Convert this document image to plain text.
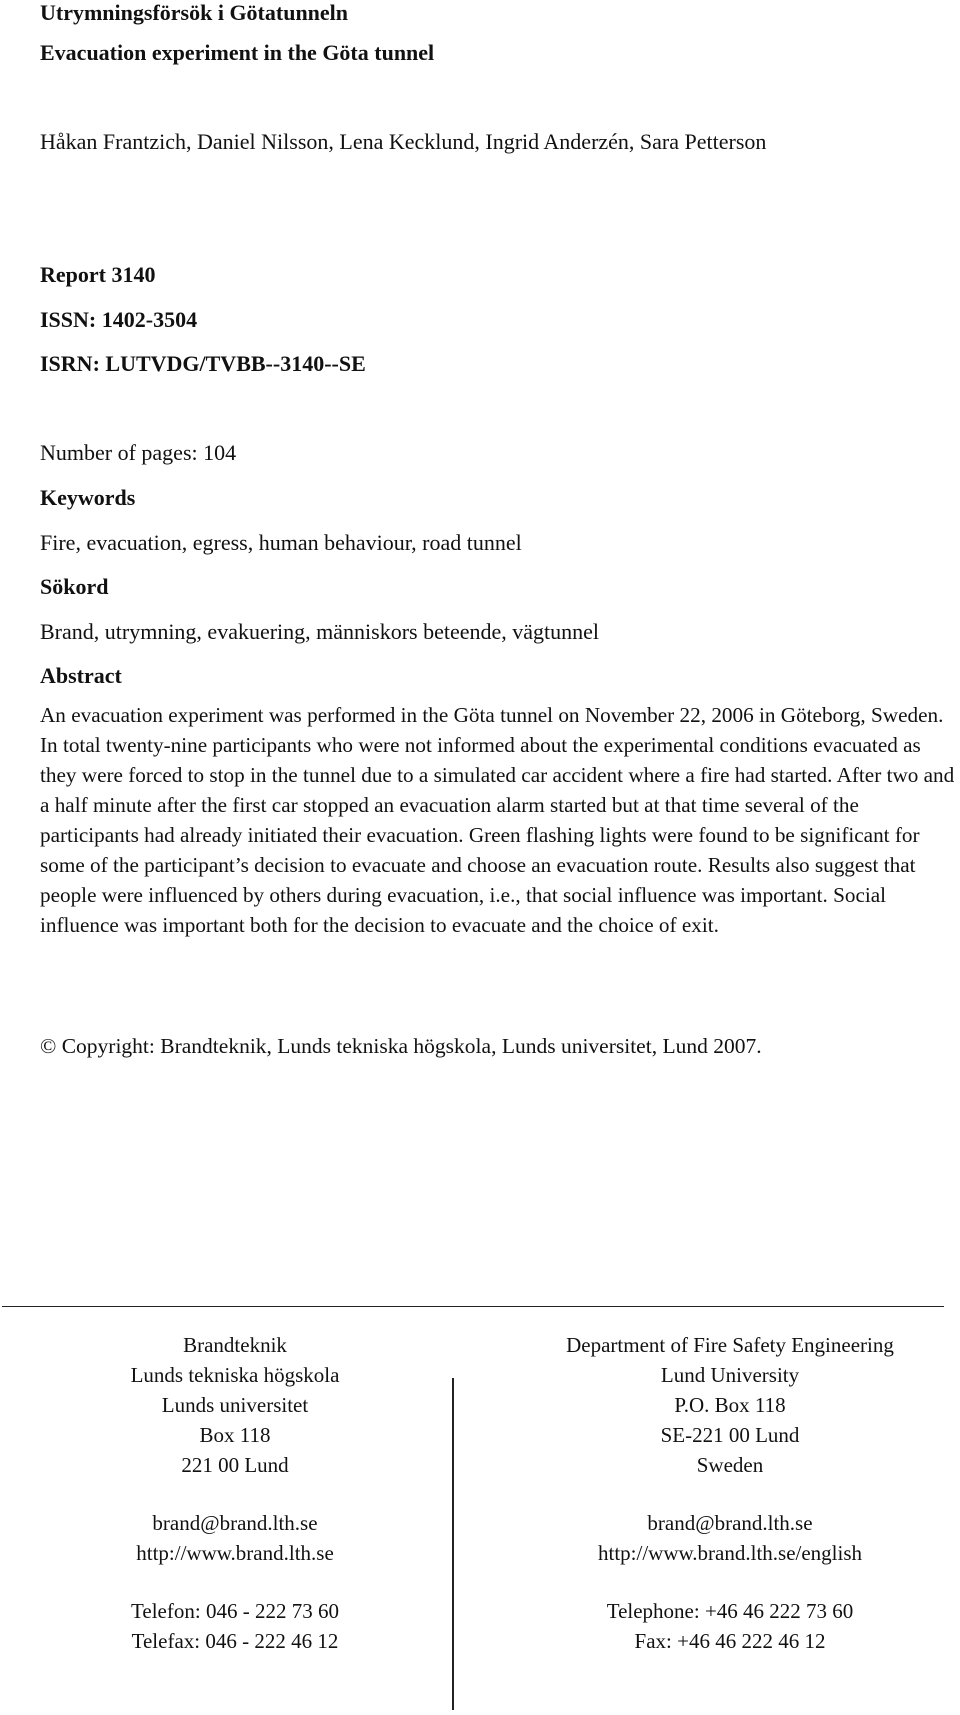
Utrymningsförsök i Götatunneln
Evacuation experiment in the Göta tunnel
Håkan Frantzich, Daniel Nilsson, Lena Kecklund, Ingrid Anderzén, Sara Petterson
Report 3140
ISSN: 1402-3504
ISRN: LUTVDG/TVBB--3140--SE
Number of pages: 104
Keywords
Fire, evacuation, egress, human behaviour, road tunnel
Sökord
Brand, utrymning, evakuering, människors beteende, vägtunnel
Abstract

An evacuation experiment was performed in the Göta tunnel on November 22, 2006 in Göteborg, Sweden. In total twenty-nine participants who were not informed about the experimental conditions evacuated as they were forced to stop in the tunnel due to a simulated car accident where a fire had started. After two and a half minute after the first car stopped an evacuation alarm started but at that time several of the participants had already initiated their evacuation. Green flashing lights were found to be significant for some of the participant’s decision to evacuate and choose an evacuation route. Results also suggest that people were influenced by others during evacuation, i.e., that social influence was important. Social influence was important both for the decision to evacuate and the choice of exit.

© Copyright: Brandteknik, Lunds tekniska högskola, Lunds universitet, Lund 2007.

Brandteknik

Lunds tekniska högskola

Lunds universitet

Box 118

221 00 Lund

brand@brand.lth.se

http://www.brand.lth.se

Telefon: 046 - 222 73 60

Telefax: 046 - 222 46 12

Department of Fire Safety Engineering

Lund University

P.O. Box 118

SE-221 00 Lund

Sweden

brand@brand.lth.se

http://www.brand.lth.se/english

Telephone: +46 46 222 73 60

Fax: +46 46 222 46 12
